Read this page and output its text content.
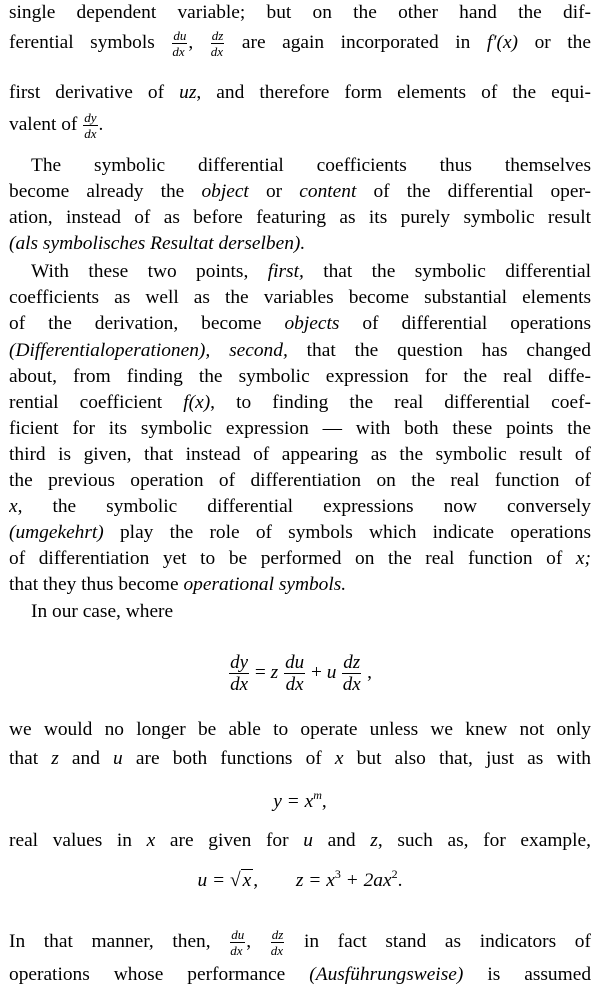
single dependent variable; but on the other hand the dif-
ferential symbols $\frac{du}{dx}$ , $\frac{dz}{dx}$ are again incorporated in f′(x) or the
first derivative of uz, and therefore form elements of the equi-
valent of $\frac{dy}{dx}$ .
The symbolic differential coefficients thus themselves
become already the object or content of the differential oper-
ation, instead of as before featuring as its purely symbolic result
(als symbolisches Resultat derselben).
With these two points, first, that the symbolic differential
coefficients as well as the variables become substantial elements
of the derivation, become objects of differential operations
(Differentialoperationen), second, that the question has changed
about, from finding the symbolic expression for the real diffe-
rential coefficient f(x), to finding the real differential coef-
ficient for its symbolic expression — with both these points the
third is given, that instead of appearing as the symbolic result of
the previous operation of differentiation on the real function of
x, the symbolic differential expressions now conversely
(umgekehrt) play the role of symbols which indicate operations
of differentiation yet to be performed on the real function of x;
that they thus become operational symbols.
In our case, where
$\frac{dy}{dx} = z \frac{du}{dx} + u \frac{dz}{dx}$ ,
we would no longer be able to operate unless we knew not only
that z and u are both functions of x but also that, just as with
$y = x^m$,
real values in x are given for u and z, such as, for example,
u = √ x , $z = x^3 + 2ax^2$.
In that manner, then, $\frac{du}{dx}$ , $\frac{dz}{dx}$ in fact stand as indicators of
operations whose performance (Ausführungsweise) is assumed
